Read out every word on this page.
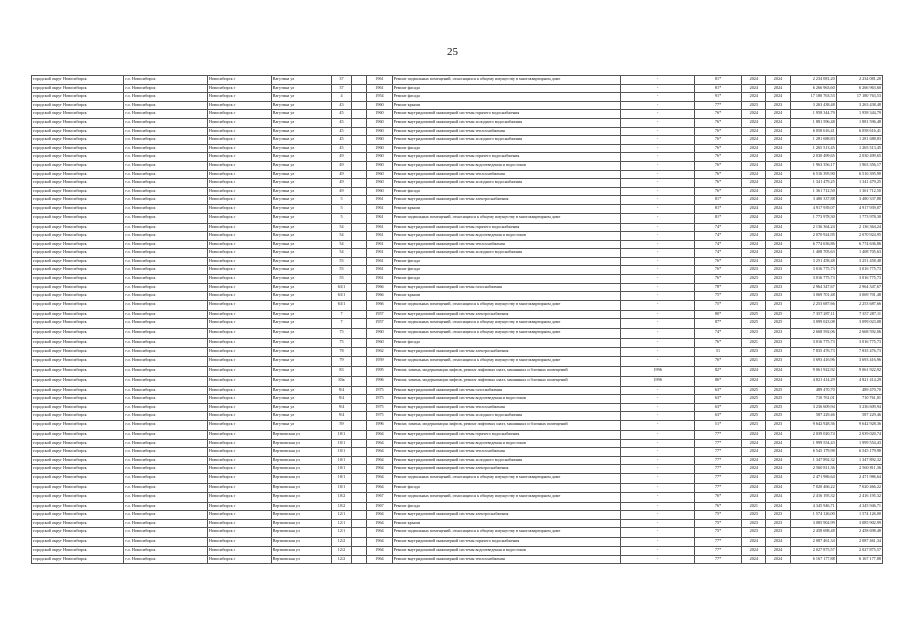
25
городской округ Новосибирск	г.о. Новосибирск	Новосибирск г	Вагутина ул	37		1961	Ремонт подвальных помещений, относящихся к общему имуществу в многоквартирном доме	-	81*	2024	2024	2 234 081,20	2 234 081,20
городской округ Новосибирск	г.о. Новосибирск	Новосибирск г	Вагутина ул	37		1961	Ремонт фасада	-	81*	2024	2024	6 266 963,60	6 266 963,60
городской округ Новосибирск	г.о. Новосибирск	Новосибирск г	Вагутина ул	4		1954	Ремонт фасада	-	91*	2024	2024	17 180 763,53	17 180 763,53
городской округ Новосибирск	г.о. Новосибирск	Новосибирск г	Вагутина ул	43		1960	Ремонт крыши	-	77*	2023	2023	3 263 438,48	3 263 438,48
городской округ Новосибирск	г.о. Новосибирск	Новосибирск г	Вагутина ул	45		1960	Ремонт внутридомовой инженерной системы горячего водоснабжения	-	76*	2024	2024	1 958 344,79	1 958 344,79
городской округ Новосибирск	г.о. Новосибирск	Новосибирск г	Вагутина ул	45		1960	Ремонт внутридомовой инженерной системы холодного водоснабжения	-	76*	2024	2024	1 881 596,48	1 881 596,48
городской округ Новосибирск	г.о. Новосибирск	Новосибирск г	Вагутина ул	45		1960	Ремонт внутридомовой инженерной системы теплоснабжения	-	76*	2024	2024	6 058 616,41	6 058 616,41
городской округ Новосибирск	г.о. Новосибирск	Новосибирск г	Вагутина ул	45		1960	Ремонт внутридомовой инженерной системы холодного водоснабжения	-	76*	2024	2024	1 281 688,83	1 281 688,83
городской округ Новосибирск	г.о. Новосибирск	Новосибирск г	Вагутина ул	45		1960	Ремонт фасада	-	76*	2024	2024	1 265 513,45	1 265 513,45
городской округ Новосибирск	г.о. Новосибирск	Новосибирск г	Вагутина ул	49		1960	Ремонт внутридомовой инженерной системы горячего водоснабжения	-	76*	2024	2024	2 030 499,65	2 030 499,65
городской округ Новосибирск	г.о. Новосибирск	Новосибирск г	Вагутина ул	49		1960	Ремонт внутридомовой инженерной системы водоотведения и водостоков	-	76*	2024	2024	1 963 356,17	1 963 356,17
городской округ Новосибирск	г.о. Новосибирск	Новосибирск г	Вагутина ул	49		1960	Ремонт внутридомовой инженерной системы теплоснабжения	-	76*	2024	2024	6 516 395,90	6 516 395,90
городской округ Новосибирск	г.о. Новосибирск	Новосибирск г	Вагутина ул	49		1960	Ремонт внутридомовой инженерной системы холодного водоснабжения	-	76*	2024	2024	1 341 479,25	1 341 479,25
городской округ Новосибирск	г.о. Новосибирск	Новосибирск г	Вагутина ул	49		1960	Ремонт фасада	-	76*	2024	2024	1 361 712,50	1 361 712,50
городской округ Новосибирск	г.о. Новосибирск	Новосибирск г	Вагутина ул	5		1961	Ремонт внутридомовой инженерной системы электроснабжения	-	81*	2024	2024	3 480 337,88	3 480 337,88
городской округ Новосибирск	г.о. Новосибирск	Новосибирск г	Вагутина ул	5		1961	Ремонт крыши	-	81*	2024	2024	4 917 939,07	4 917 939,07
городской округ Новосибирск	г.о. Новосибирск	Новосибирск г	Вагутина ул	5		1961	Ремонт подвальных помещений, относящихся к общему имуществу в многоквартирном доме	-	81*	2024	2024	1 773 978,30	1 773 978,30
городской округ Новосибирск	г.о. Новосибирск	Новосибирск г	Вагутина ул	54		1961	Ремонт внутридомовой инженерной системы горячего водоснабжения	-	74*	2024	2024	2 136 364,24	2 136 364,24
городской округ Новосибирск	г.о. Новосибирск	Новосибирск г	Вагутина ул	54		1961	Ремонт внутридомовой инженерной системы водоотведения и водостоков	-	74*	2024	2024	2 070 924,95	2 070 924,95
городской округ Новосибирск	г.о. Новосибирск	Новосибирск г	Вагутина ул	54		1961	Ремонт внутридомовой инженерной системы теплоснабжения	-	74*	2024	2024	6 774 636,86	6 774 636,86
городской округ Новосибирск	г.о. Новосибирск	Новосибирск г	Вагутина ул	54		1961	Ремонт внутридомовой инженерной системы холодного водоснабжения	-	74*	2024	2024	1 408 705,63	1 408 705,63
городской округ Новосибирск	г.о. Новосибирск	Новосибирск г	Вагутина ул	55		1961	Ремонт фасада	-	76*	2024	2024	3 251 458,48	3 251 458,48
городской округ Новосибирск	г.о. Новосибирск	Новосибирск г	Вагутина ул	55		1961	Ремонт фасада	-	76*	2023	2023	3 016 775,73	3 016 775,73
городской округ Новосибирск	г.о. Новосибирск	Новосибирск г	Вагутина ул	55		1961	Ремонт фасада	-	76*	2023	2023	3 016 775,73	3 016 775,73
городской округ Новосибирск	г.о. Новосибирск	Новосибирск г	Вагутина ул	63/1		1966	Ремонт внутридомовой инженерной системы газоснабжения	-	78*	2023	2023	2 964 347,67	2 964 347,67
городской округ Новосибирск	г.о. Новосибирск	Новосибирск г	Вагутина ул	63/1		1966	Ремонт крыши	-	75*	2023	2023	3 069 701,48	3 069 701,48
городской округ Новосибирск	г.о. Новосибирск	Новосибирск г	Вагутина ул	63/1		1966	Ремонт подвальных помещений, относящихся к общему имуществу в многоквартирном доме	-	75*	2023	2023	2 253 687,66	2 253 687,66
городской округ Новосибирск	г.о. Новосибирск	Новосибирск г	Вагутина ул	7		1957	Ремонт внутридомовой инженерной системы электроснабжения	-	80*	2025	2025	7 357 287,11	7 357 287,11
городской округ Новосибирск	г.о. Новосибирск	Новосибирск г	Вагутина ул	7		1957	Ремонт подвальных помещений, относящихся к общему имуществу в многоквартирном доме	-	87*	2025	2025	3 099 023,08	3 099 023,08
городской округ Новосибирск	г.о. Новосибирск	Новосибирск г	Вагутина ул	75		1960	Ремонт подвальных помещений, относящихся к общему имуществу в многоквартирном доме	-	74*	2023	2023	2 668 592,06	2 668 592,06
городской округ Новосибирск	г.о. Новосибирск	Новосибирск г	Вагутина ул	75		1960	Ремонт фасада	-	76*	2021	2023	3 016 775,73	3 016 775,73
городской округ Новосибирск	г.о. Новосибирск	Новосибирск г	Вагутина ул	78		1962	Ремонт внутридомовой инженерной системы электроснабжения	-	51	2023	2023	7 835 476,73	7 835 476,73
городской округ Новосибирск	г.о. Новосибирск	Новосибирск г	Вагутина ул	79		1959	Ремонт подвальных помещений, относящихся к общему имуществу в многоквартирном доме	-	76*	2021	2023	3 693 416,96	3 693 416,96
городской округ Новосибирск	г.о. Новосибирск	Новосибирск г	Вагутина ул	83		1995	Ремонт, замена, модернизация лифтов, ремонт лифтовых шахт, машинных и блочных помещений	1996	82*	2024	2024	9 061 922,92	9 061 922,92
городской округ Новосибирск	г.о. Новосибирск	Новосибирск г	Вагутина ул	83а		1996	Ремонт, замена, модернизация лифтов, ремонт лифтовых шахт, машинных и блочных помещений	1996	86*	2024	2024	4 821 414,29	4 821 414,29
городской округ Новосибирск	г.о. Новосибирск	Новосибирск г	Вагутина ул	9/4		1975	Ремонт внутридомовой инженерной системы газоснабжения	-	63*	2025	2025	489 470,70	489 470,70
городской округ Новосибирск	г.о. Новосибирск	Новосибирск г	Вагутина ул	9/4		1975	Ремонт внутридомовой инженерной системы водоотведения и водостоков	-	63*	2025	2025	710 761,01	710 761,01
городской округ Новосибирск	г.о. Новосибирск	Новосибирск г	Вагутина ул	9/4		1975	Ремонт внутридомовой инженерной системы теплоснабжения	-	63*	2025	2025	3 236 609,94	3 236 609,94
городской округ Новосибирск	г.о. Новосибирск	Новосибирск г	Вагутина ул	9/4		1975	Ремонт внутридомовой инженерной системы холодного водоснабжения	-	63*	2025	2025	587 229,46	587 229,46
городской округ Новосибирск	г.о. Новосибирск	Новосибирск г	Вагутина ул	59		1996	Ремонт, замена, модернизация лифтов, ремонт лифтовых шахт, машинных и блочных помещений	-	51*	2023	2023	9 642 928,36	9 642 928,36
городской округ Новосибирск	г.о. Новосибирск	Новосибирск г	Вертковская ул	10/1		1964	Ремонт внутридомовой инженерной системы горячего водоснабжения	-	77*	2024	2024	2 039 020,74	2 039 020,74
городской округ Новосибирск	г.о. Новосибирск	Новосибирск г	Вертковская ул	10/1		1964	Ремонт внутридомовой инженерной системы водоотведения и водостоков	-	77*	2024	2024	1 999 554,43	1 999 554,43
городской округ Новосибирск	г.о. Новосибирск	Новосибирск г	Вертковская ул	10/1		1964	Ремонт внутридомовой инженерной системы теплоснабжения	-	77*	2024	2024	6 545 179,98	6 545 179,98
городской округ Новосибирск	г.о. Новосибирск	Новосибирск г	Вертковская ул	10/1		1964	Ремонт внутридомовой инженерной системы холодного водоснабжения	-	77*	2024	2024	1 347 892,32	1 347 892,32
городской округ Новосибирск	г.о. Новосибирск	Новосибирск г	Вертковская ул	10/1		1964	Ремонт внутридомовой инженерной системы электроснабжения	-	77*	2024	2024	2 560 811,36	2 560 811,36
городской округ Новосибирск	г.о. Новосибирск	Новосибирск г	Вертковская ул	10/1		1964	Ремонт подвальных помещений, относящихся к общему имуществу в многоквартирном доме	-	77*	2024	2024	2 471 986,64	2 471 986,64
городской округ Новосибирск	г.о. Новосибирск	Новосибирск г	Вертковская ул	10/1		1964	Ремонт фасада	-	77*	2024	2024	7 020 466,22	7 020 466,22
городской округ Новосибирск	г.о. Новосибирск	Новосибирск г	Вертковская ул	10/2		1967	Ремонт подвальных помещений, относящихся к общему имуществу в многоквартирном доме	-	76*	2024	2024	2 416 195,32	2 416 195,32
городской округ Новосибирск	г.о. Новосибирск	Новосибирск г	Вертковская ул	10/2		1967	Ремонт фасада	-	76*	2021	2024	4 345 946,71	4 345 946,71
городской округ Новосибирск	г.о. Новосибирск	Новосибирск г	Вертковская ул	12/1		1964	Ремонт внутридомовой инженерной системы электроснабжения	-	75*	2023	2023	1 574 126,00	1 574 126,00
городской округ Новосибирск	г.о. Новосибирск	Новосибирск г	Вертковская ул	12/1		1964	Ремонт крыши	-	75*	2023	2023	3 085 902,99	3 085 902,99
городской округ Новосибирск	г.о. Новосибирск	Новосибирск г	Вертковская ул	12/1		1964	Ремонт подвальных помещений, относящихся к общему имуществу в многоквартирном доме	-	75*	2023	2023	2 458 698,48	2 458 698,48
городской округ Новосибирск	г.о. Новосибирск	Новосибирск г	Вертковская ул	12/2		1964	Ремонт внутридомовой инженерной системы горячего водоснабжения	-	77*	2024	2024	2 087 461,34	2 087 461,34
городской округ Новосибирск	г.о. Новосибирск	Новосибирск г	Вертковская ул	12/2		1964	Ремонт внутридомовой инженерной системы водоотведения и водостоков	-	77*	2024	2024	2 027 875,57	2 027 875,57
городской округ Новосибирск	г.о. Новосибирск	Новосибирск г	Вертковская ул	12/2		1964	Ремонт внутридомовой инженерной системы теплоснабжения	-	77*	2024	2024	6 167 177,88	6 167 177,88
